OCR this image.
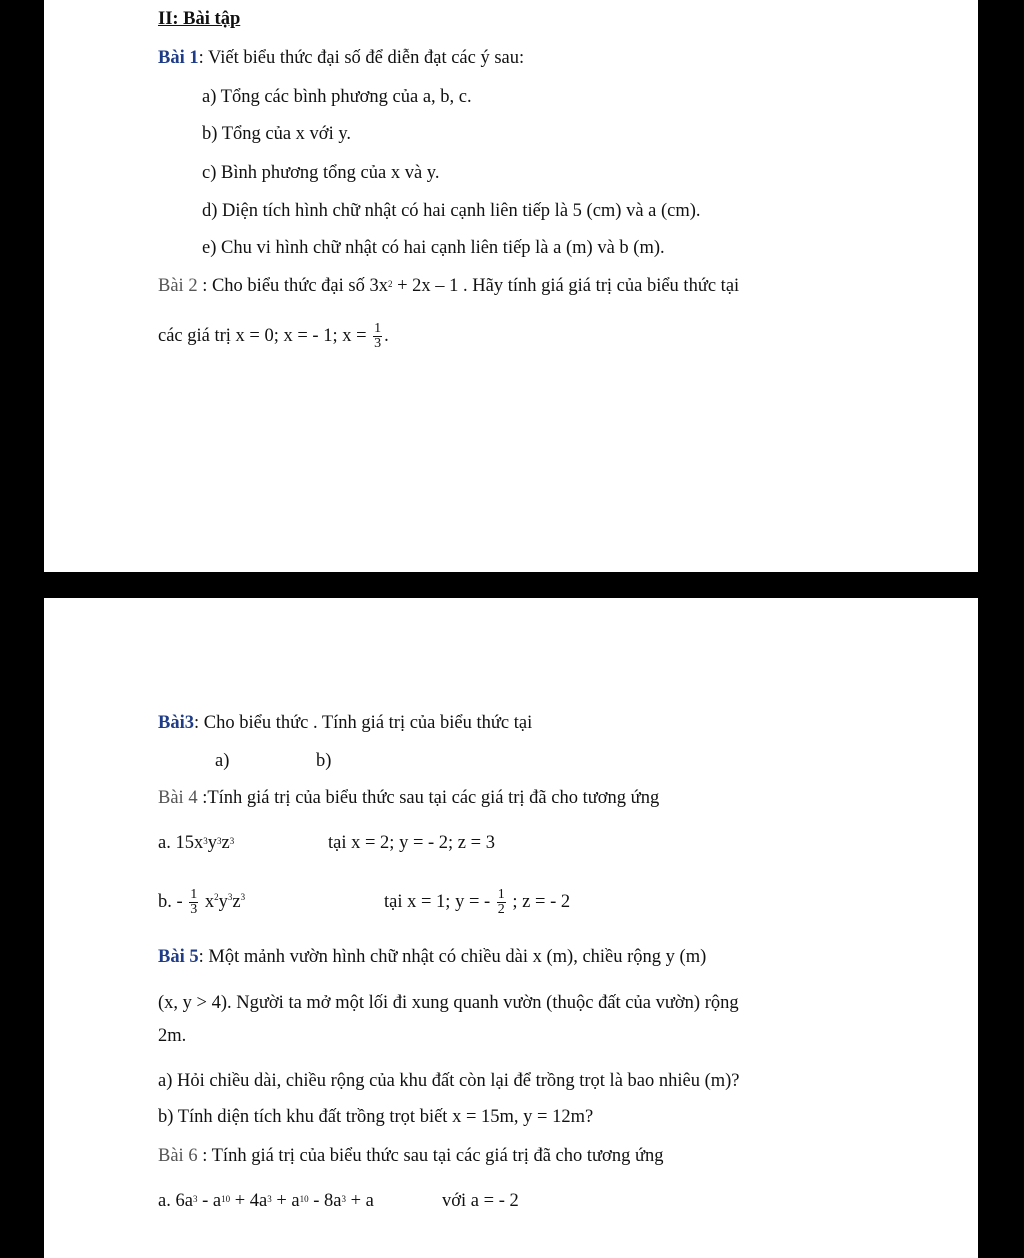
II: Bài tập
Bài 1: Viết biểu thức đại số để diễn đạt các ý sau:
a) Tổng các bình phương của a, b, c.
b) Tổng của x với y.
c) Bình phương tổng của x và y.
d) Diện tích hình chữ nhật có hai cạnh liên tiếp là 5 (cm) và a (cm).
e) Chu vi hình chữ nhật có hai cạnh liên tiếp là a (m) và b (m).
Bài 2 : Cho biểu thức đại số $3x^2 + 2x - 1$ . Hãy tính giá giá trị của biểu thức tại
các giá trị x = 0; x = - 1; $x = \frac{1}{3}$ .
Bài3: Cho biểu thức . Tính giá trị của biểu thức tại
a)	b)
Bài 4 :Tính giá trị của biểu thức sau tại các giá trị đã cho tương ứng
a. $15x^3y^3z^3$	tại x = 2; y = - 2; z = 3
b. - $\frac{1}{3} x^2y^3z^3$	tại x = 1; y = - $\frac{1}{2}$ ; z = - 2
Bài 5: Một mảnh vườn hình chữ nhật có chiều dài x (m), chiều rộng y (m)
(x, y > 4). Người ta mở một lối đi xung quanh vườn (thuộc đất của vườn) rộng
2m.
a) Hỏi chiều dài, chiều rộng của khu đất còn lại để trồng trọt là bao nhiêu (m)?
b) Tính diện tích khu đất trồng trọt biết x = 15m, y = 12m?
Bài 6 : Tính giá trị của biểu thức sau tại các giá trị đã cho tương ứng
a. $6a^3 - a^{10} + 4a^3 + a^{10} - 8a^3 + a$	với a = - 2
